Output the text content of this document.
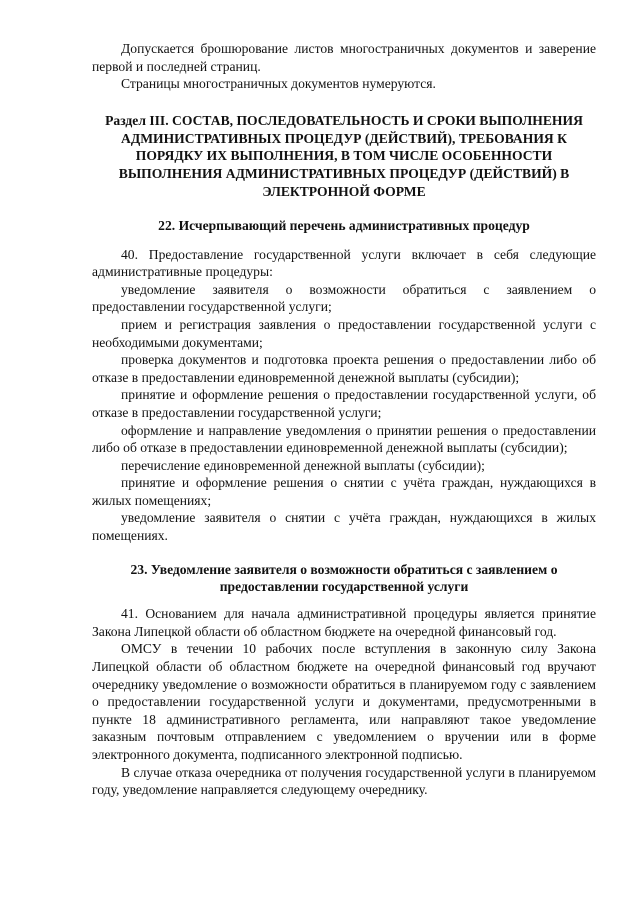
Допускается брошюрование листов многостраничных документов и заверение первой и последней страниц.

Страницы многостраничных документов нумеруются.

Раздел III. СОСТАВ, ПОСЛЕДОВАТЕЛЬНОСТЬ И СРОКИ ВЫПОЛНЕНИЯ АДМИНИСТРАТИВНЫХ ПРОЦЕДУР (ДЕЙСТВИЙ), ТРЕБОВАНИЯ К ПОРЯДКУ ИХ ВЫПОЛНЕНИЯ, В ТОМ ЧИСЛЕ ОСОБЕННОСТИ ВЫПОЛНЕНИЯ АДМИНИСТРАТИВНЫХ ПРОЦЕДУР (ДЕЙСТВИЙ) В ЭЛЕКТРОННОЙ ФОРМЕ
22. Исчерпывающий перечень административных процедур

40. Предоставление государственной услуги включает в себя следующие административные процедуры:

уведомление заявителя о возможности обратиться с заявлением о предоставлении государственной услуги;

прием и регистрация заявления о предоставлении государственной услуги с необходимыми документами;

проверка документов и подготовка проекта решения о предоставлении либо об отказе в предоставлении единовременной денежной выплаты (субсидии);

принятие и оформление решения о предоставлении государственной услуги, об отказе в предоставлении государственной услуги;

оформление и направление уведомления о принятии решения о предоставлении либо об отказе в предоставлении единовременной денежной выплаты (субсидии);

перечисление единовременной денежной выплаты (субсидии);

принятие и оформление решения о снятии с учёта граждан, нуждающихся в жилых помещениях;

уведомление заявителя о снятии с учёта граждан, нуждающихся в жилых помещениях.

23. Уведомление заявителя о возможности обратиться с заявлением о предоставлении государственной услуги

41. Основанием для начала административной процедуры является принятие Закона Липецкой области об областном бюджете на очередной финансовый год.

ОМСУ в течении 10 рабочих после вступления в законную силу Закона Липецкой области об областном бюджете на очередной финансовый год вручают очереднику уведомление о возможности обратиться в планируемом году с заявлением о предоставлении государственной услуги и документами, предусмотренными в пункте 18 административного регламента, или направляют такое уведомление заказным почтовым отправлением с уведомлением о вручении или в форме электронного документа, подписанного электронной подписью.

В случае отказа очередника от получения государственной услуги в планируемом году, уведомление направляется следующему очереднику.
